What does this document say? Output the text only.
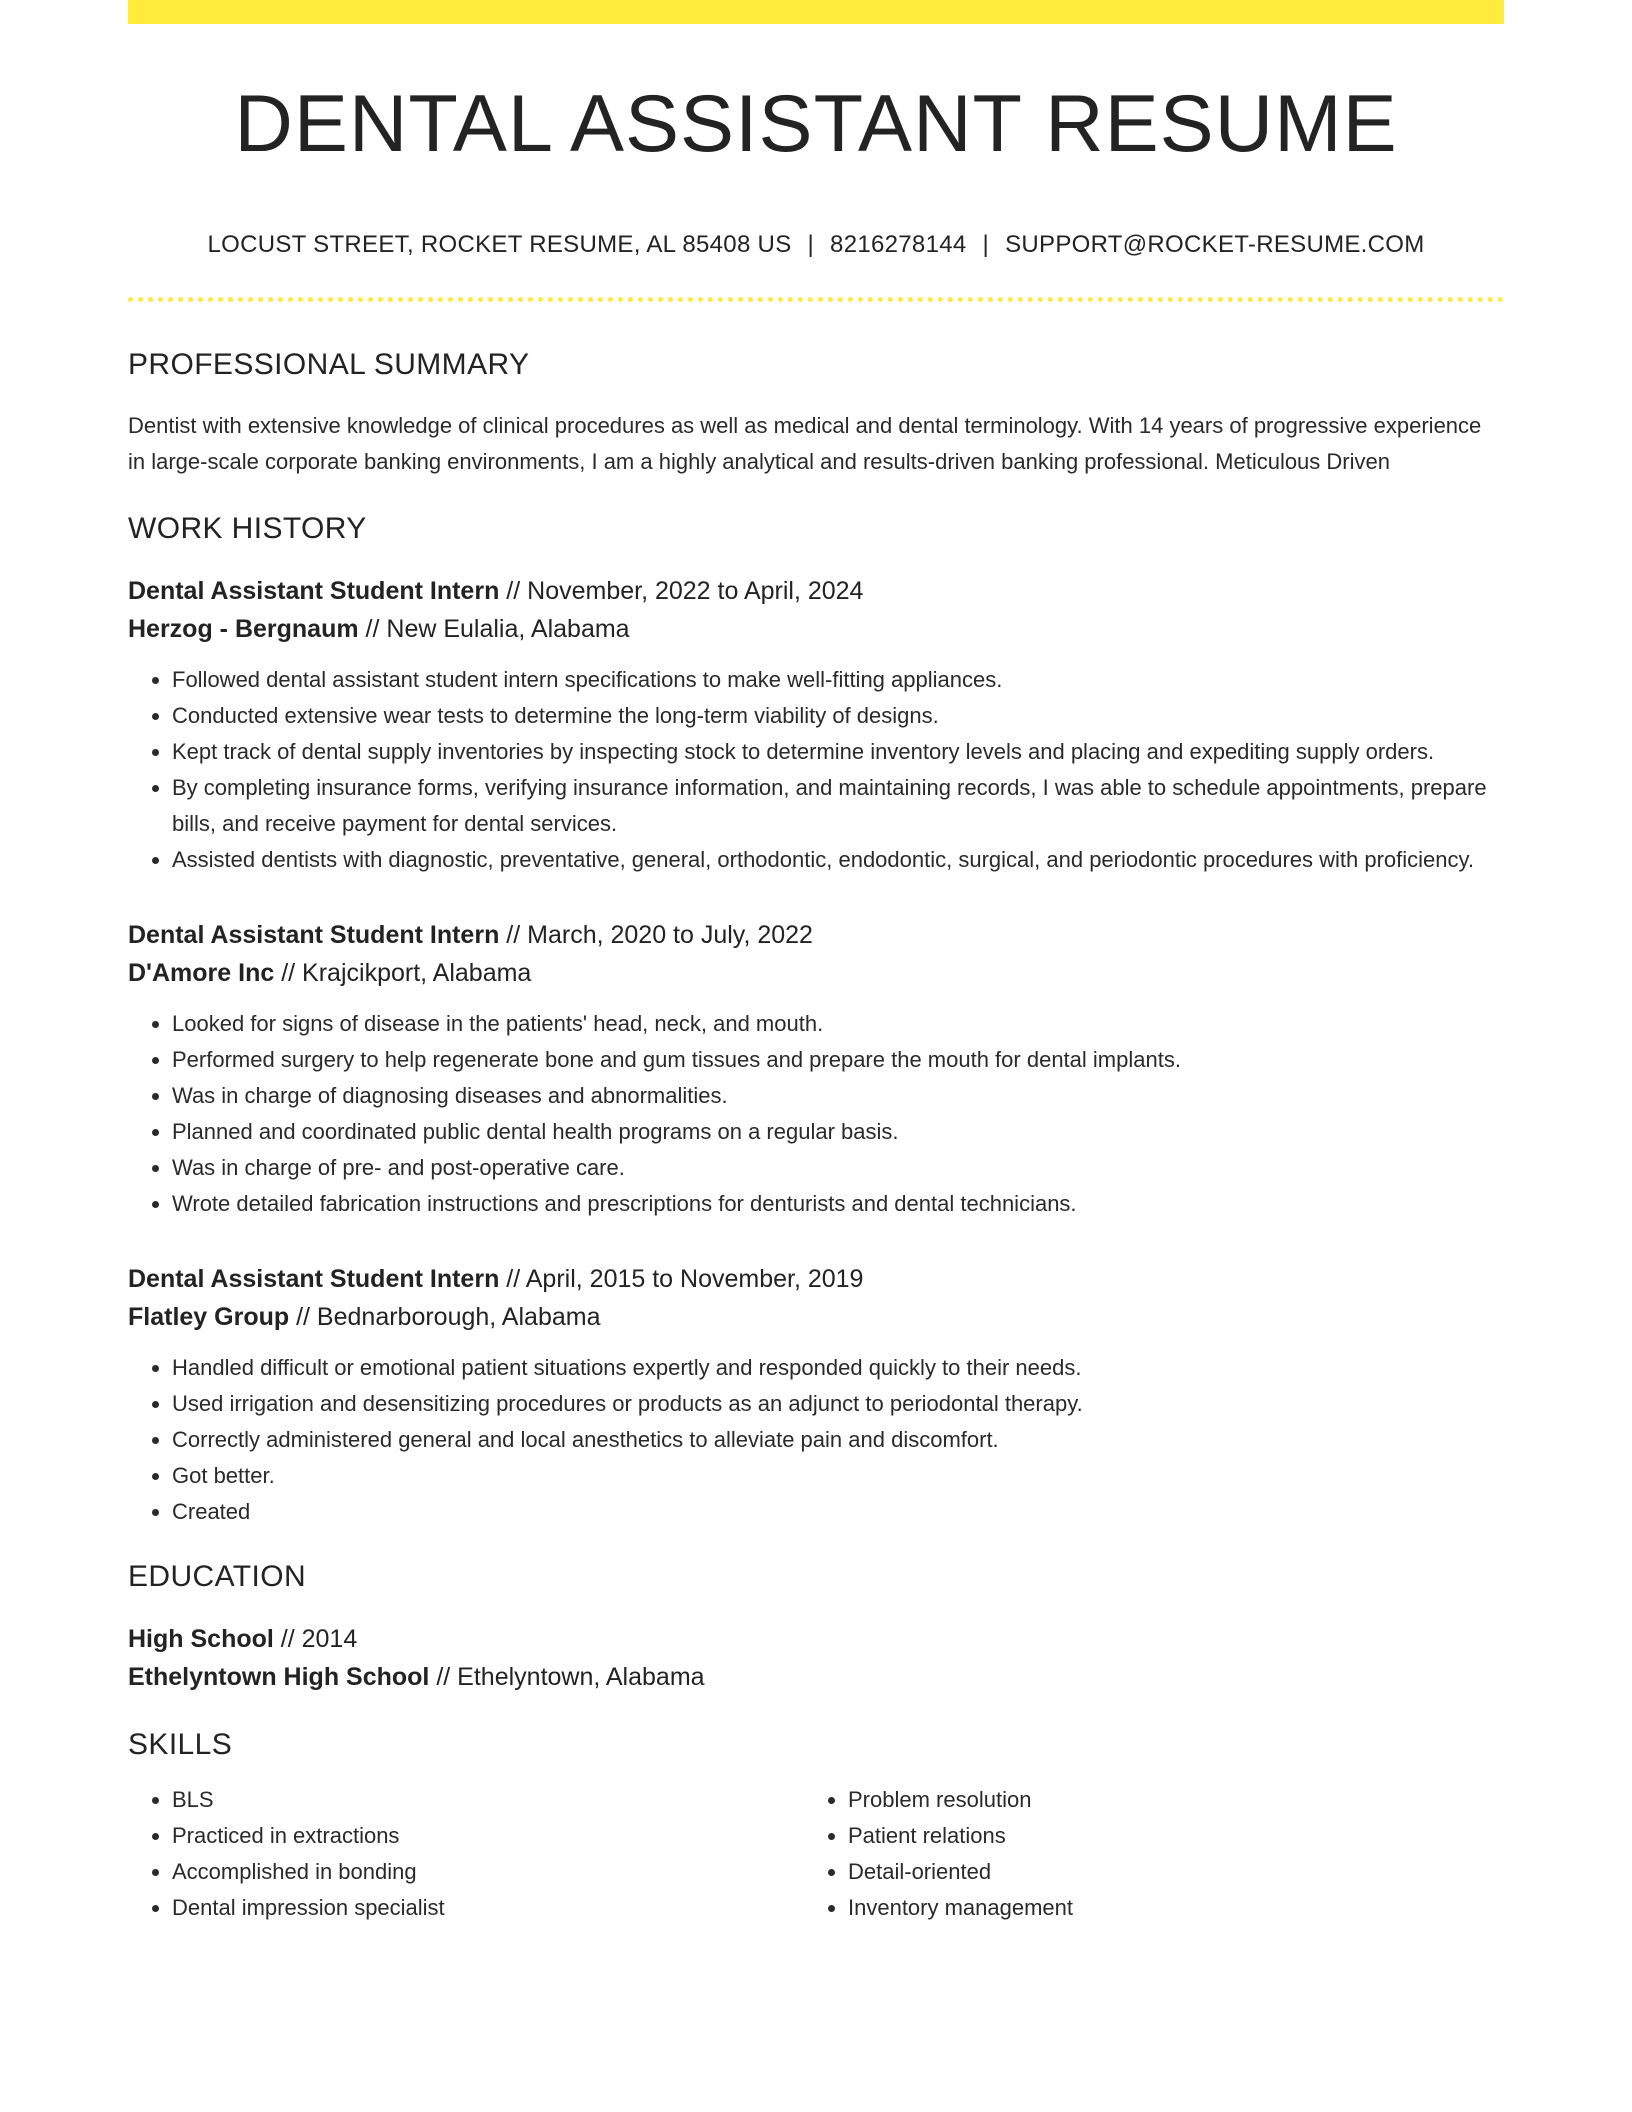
DENTAL ASSISTANT RESUME
LOCUST STREET, ROCKET RESUME, AL 85408 US | 8216278144 | SUPPORT@ROCKET-RESUME.COM
PROFESSIONAL SUMMARY
Dentist with extensive knowledge of clinical procedures as well as medical and dental terminology. With 14 years of progressive experience in large-scale corporate banking environments, I am a highly analytical and results-driven banking professional. Meticulous Driven
WORK HISTORY
Dental Assistant Student Intern // November, 2022 to April, 2024
Herzog - Bergnaum // New Eulalia, Alabama
• Followed dental assistant student intern specifications to make well-fitting appliances.
• Conducted extensive wear tests to determine the long-term viability of designs.
• Kept track of dental supply inventories by inspecting stock to determine inventory levels and placing and expediting supply orders.
• By completing insurance forms, verifying insurance information, and maintaining records, I was able to schedule appointments, prepare bills, and receive payment for dental services.
• Assisted dentists with diagnostic, preventative, general, orthodontic, endodontic, surgical, and periodontic procedures with proficiency.
Dental Assistant Student Intern // March, 2020 to July, 2022
D'Amore Inc // Krajcikport, Alabama
• Looked for signs of disease in the patients' head, neck, and mouth.
• Performed surgery to help regenerate bone and gum tissues and prepare the mouth for dental implants.
• Was in charge of diagnosing diseases and abnormalities.
• Planned and coordinated public dental health programs on a regular basis.
• Was in charge of pre- and post-operative care.
• Wrote detailed fabrication instructions and prescriptions for denturists and dental technicians.
Dental Assistant Student Intern // April, 2015 to November, 2019
Flatley Group // Bednarborough, Alabama
• Handled difficult or emotional patient situations expertly and responded quickly to their needs.
• Used irrigation and desensitizing procedures or products as an adjunct to periodontal therapy.
• Correctly administered general and local anesthetics to alleviate pain and discomfort.
• Got better.
• Created
EDUCATION
High School // 2014
Ethelyntown High School // Ethelyntown, Alabama
SKILLS
• BLS
• Practiced in extractions
• Accomplished in bonding
• Dental impression specialist
• Problem resolution
• Patient relations
• Detail-oriented
• Inventory management
